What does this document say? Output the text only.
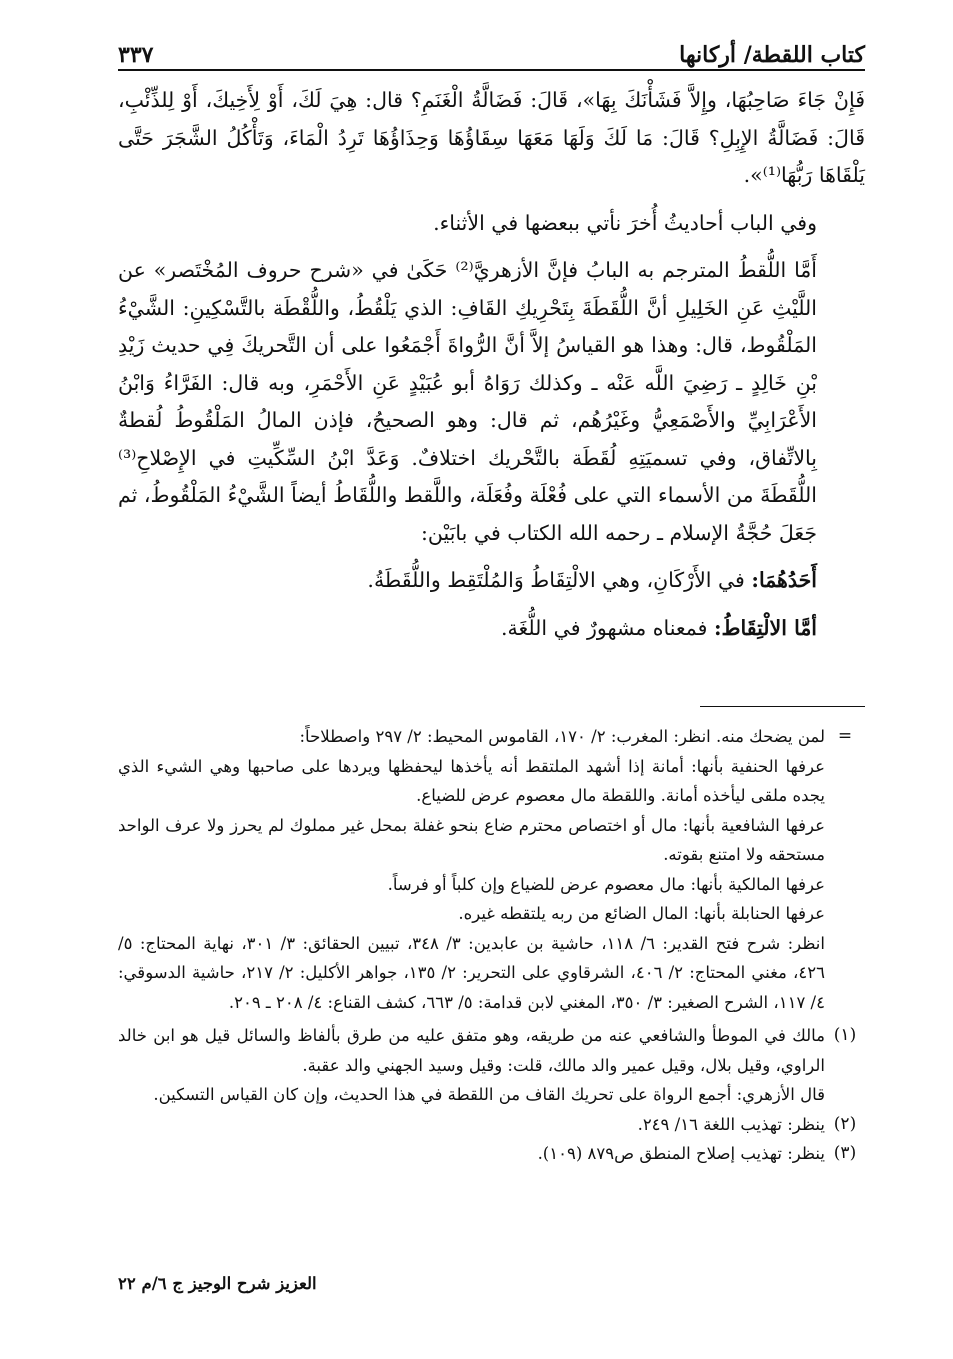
كتاب اللقطة/ أركانها
٣٣٧

فَإِنْ جَاءَ صَاحِبُهَا، وإِلاَّ فَشَأْنَكَ بِهَا»، قَالَ: فَضَالَّةُ الْغَنَمِ؟ قال: هِيَ لَكَ، أَوْ لِأَخِيكَ، أَوْ لِلذِّئْبِ، قَالَ: فَضَالَّةُ الإِبِلِ؟ قَالَ: مَا لَكَ وَلَهَا مَعَهَا سِقَاؤُهَا وَحِذَاؤُهَا تَرِدُ الْمَاءَ، وَتَأْكُلُ الشَّجَرَ حَتَّى يَلْقَاهَا رَبُّهَا⁽¹⁾».

وفي الباب أحاديثُ أُخرَ نأتي ببعضها في الأثناء.

أَمَّا اللُّقطُ المترجم به البابُ فإنَّ الأزهريَّ⁽²⁾ حَكَىٰ في «شرح حروف المُخْتَصر» عن اللَّيْثِ عَنِ الخَلِيلِ أنَّ اللُّقَطَةَ بِتَحْرِيكِ القَافِ: الذي يَلْقُطُ، واللُّقْطَة بالتَّسْكِينِ: الشَّيْءُ المَلْقُوط، قال: وهذا هو القياسُ إلاَّ أنَّ الرُّواةَ أَجْمَعُوا على أن التَّحريكَ فِي حديث زَيْدِ بْنِ خَالِدٍ ـ رَضِيَ اللَّه عَنْه ـ وكذلك رَوَاهُ أبو عُبَيْدٍ عَنِ الأَحْمَرِ، وبه قال: الفَرَّاءُ وَابْنُ الأَعْرَابِيِّ والأَصْمَعِيُّ وغَيْرُهُم، ثم قال: وهو الصحيحُ، فإذن المالُ المَلْقُوطُ لُقطةٌ بِالاتِّفاق، وفي تسميَتِهِ لُقَطَة بالتَّحْريك اختلافٌ. وَعَدَّ ابْنُ السِّكِّيتِ في الإِصْلاحِ⁽³⁾ اللُّقَطَةَ من الأسماء التي على فُعْلَة وفُعَلَة، واللَّقط واللُّقَاطُ أيضاً الشَّيْءُ المَلْقُوطُ، ثم جَعَلَ حُجَّةُ الإسلام ـ رحمه الله الكتاب في بابَيْن:

أَحَدُهُمَا: في الأَرْكَانِ، وهي الالْتِقَاطُ وَالمُلْتَقِط واللُّقَطَةُ.

أمَّا الالْتِقَاطُ: فمعناه مشهورٌ في اللُّغَة.

=

لمن يضحك منه. انظر: المغرب: ٢/ ١٧٠، القاموس المحيط: ٢/ ٢٩٧ واصطلاحاً:

عرفها الحنفية بأنها: أمانة إذا أشهد الملتقط أنه يأخذها ليحفظها ويردها على صاحبها وهي الشيء الذي يجده ملقى ليأخذه أمانة. واللقطة مال معصوم عرض للضياع.

عرفها الشافعية بأنها: مال أو اختصاص محترم ضاع بنحو غفلة بمحل غير مملوك لم يحرز ولا عرف الواحد مستحقه ولا امتنع بقوته.

عرفها المالكية بأنها: مال معصوم عرض للضياع وإن كلباً أو فرساً.

عرفها الحنابلة بأنها: المال الضائع من ربه يلتقطه غيره.

انظر: شرح فتح القدير: ٦/ ١١٨، حاشية بن عابدين: ٣/ ٣٤٨، تبيين الحقائق: ٣/ ٣٠١، نهاية المحتاج: ٥/ ٤٢٦، مغني المحتاج: ٢/ ٤٠٦، الشرقاوي على التحرير: ٢/ ١٣٥، جواهر الأكليل: ٢/ ٢١٧، حاشية الدسوقي: ٤/ ١١٧، الشرح الصغير: ٣/ ٣٥٠، المغني لابن قدامة: ٥/ ٦٦٣، كشف القناع: ٤/ ٢٠٨ ـ ٢٠٩.

(١)

مالك في الموطأ والشافعي عنه من طريقه، وهو متفق عليه من طرق بألفاظ والسائل قيل هو ابن خالد الراوي، وقيل بلال، وقيل عمير والد مالك، قلت: وقيل وسيد الجهني والد عقبة.

قال الأزهري: أجمع الرواة على تحريك القاف من اللقطة في هذا الحديث، وإن كان القياس التسكين.

(٢)

ينظر: تهذيب اللغة ١٦/ ٢٤٩.

(٣)

ينظر: تهذيب إصلاح المنطق ص٨٧٩ (١٠٩).

العزيز شرح الوجيز ج ٦/م ٢٢
